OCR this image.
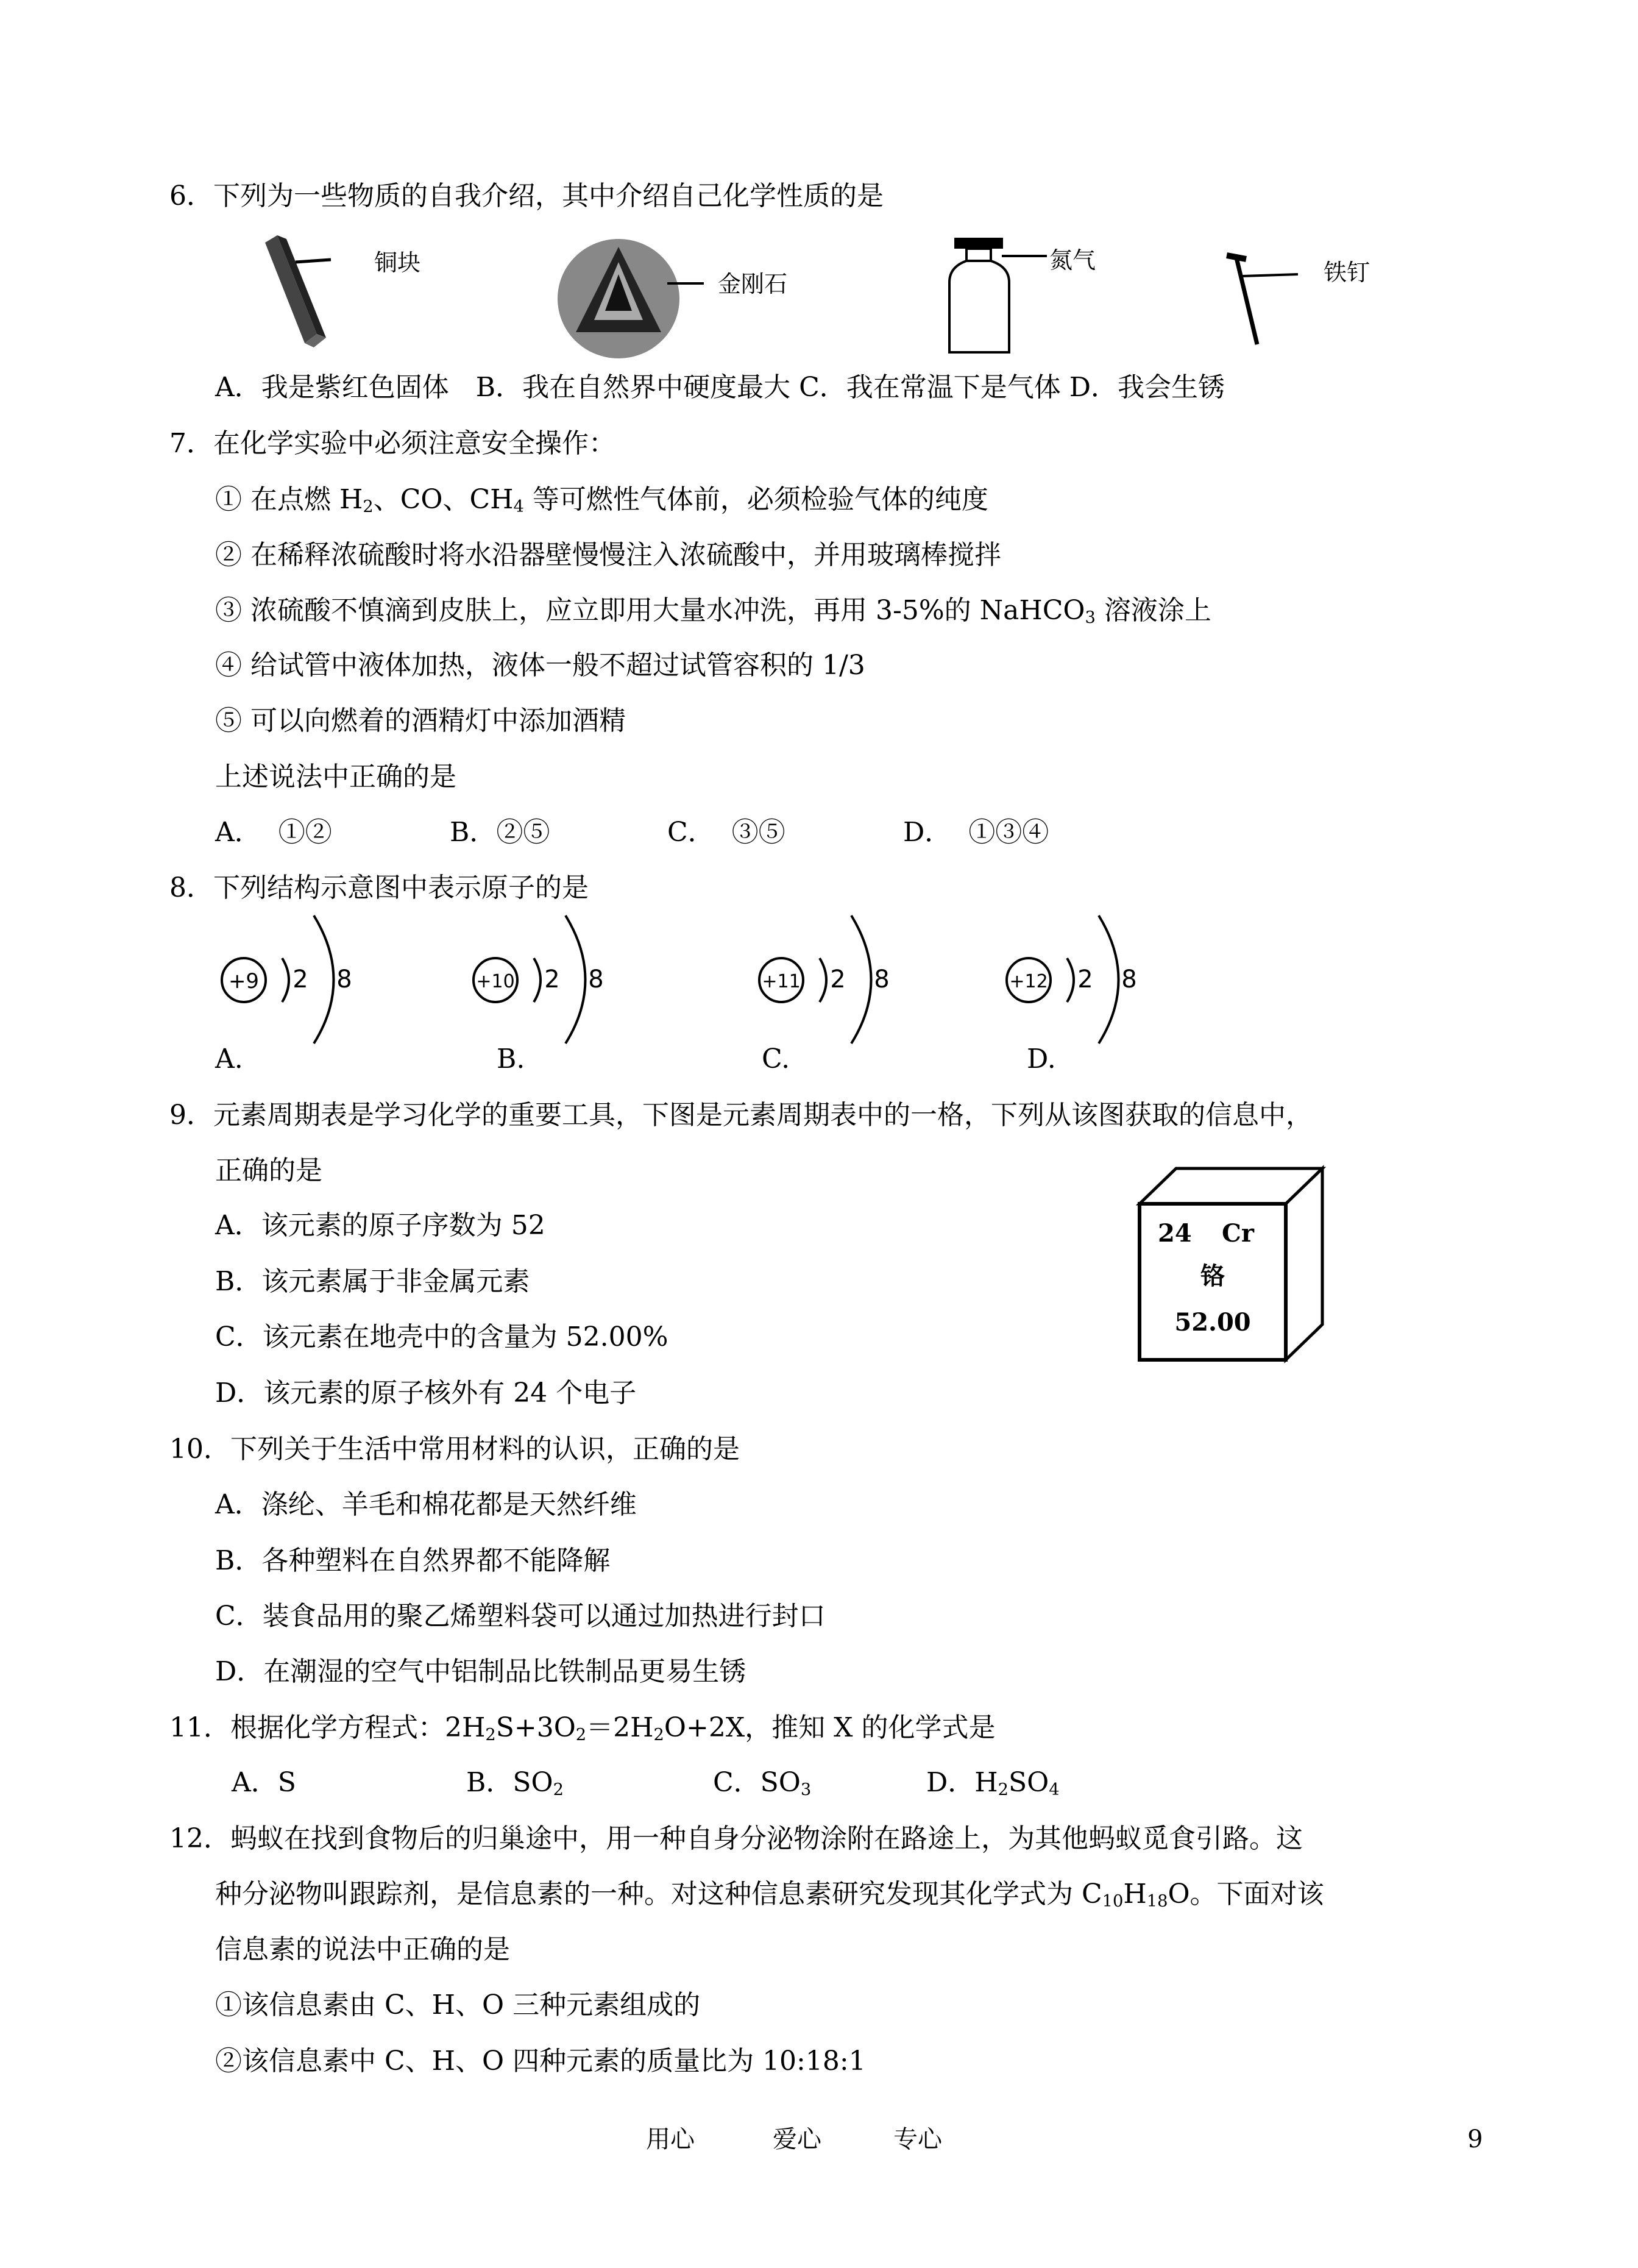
6．下列为一些物质的自我介绍，其中介绍自己化学性质的是
铜块
金刚石
氮气	铁钉
A．我是紫红色固体　B．我在自然界中硬度最大 C．我在常温下是气体 D．我会生锈
7．在化学实验中必须注意安全操作：
① 在点燃 $H_2$、CO、$CH_4$ 等可燃性气体前，必须检验气体的纯度
② 在稀释浓硫酸时将水沿器壁慢慢注入浓硫酸中，并用玻璃棒搅拌
③ 浓硫酸不慎滴到皮肤上，应立即用大量水冲洗，再用 3-5%的 NaHCO$_3$ 溶液涂上
④ 给试管中液体加热，液体一般不超过试管容积的 1/3
⑤ 可以向燃着的酒精灯中添加酒精
上述说法中正确的是
A．  ①②	B．②⑤	C．  ③⑤	D．  ①③④
8．下列结构示意图中表示原子的是
+9 2 8	+10 2 8	+11 2 8	+12 2 8
A.	B.	C.	D.
9．元素周期表是学习化学的重要工具，下图是元素周期表中的一格，下列从该图获取的信息中，
正确的是
A．该元素的原子序数为 52
B．该元素属于非金属元素
C．该元素在地壳中的含量为 52.00%
D．该元素的原子核外有 24 个电子
24 Cr
铬
52.00
10．下列关于生活中常用材料的认识，正确的是
A．涤纶、羊毛和棉花都是天然纤维
B．各种塑料在自然界都不能降解
C．装食品用的聚乙烯塑料袋可以通过加热进行封口
D．在潮湿的空气中铝制品比铁制品更易生锈
11．根据化学方程式：$2H_2S+3O_2=2H_2O+2X$，推知 X 的化学式是
A．S	B．$SO_2$	C．$SO_3$	D．$H_2SO_4$
12．蚂蚁在找到食物后的归巢途中，用一种自身分泌物涂附在路途上，为其他蚂蚁觅食引路。这
种分泌物叫跟踪剂，是信息素的一种。对这种信息素研究发现其化学式为 $C_{10}H_{18}O$。下面对该
信息素的说法中正确的是
①该信息素由 C、H、O 三种元素组成的
②该信息素中 C、H、O 四种元素的质量比为 10:18:1
用心	爱心	专心	9
